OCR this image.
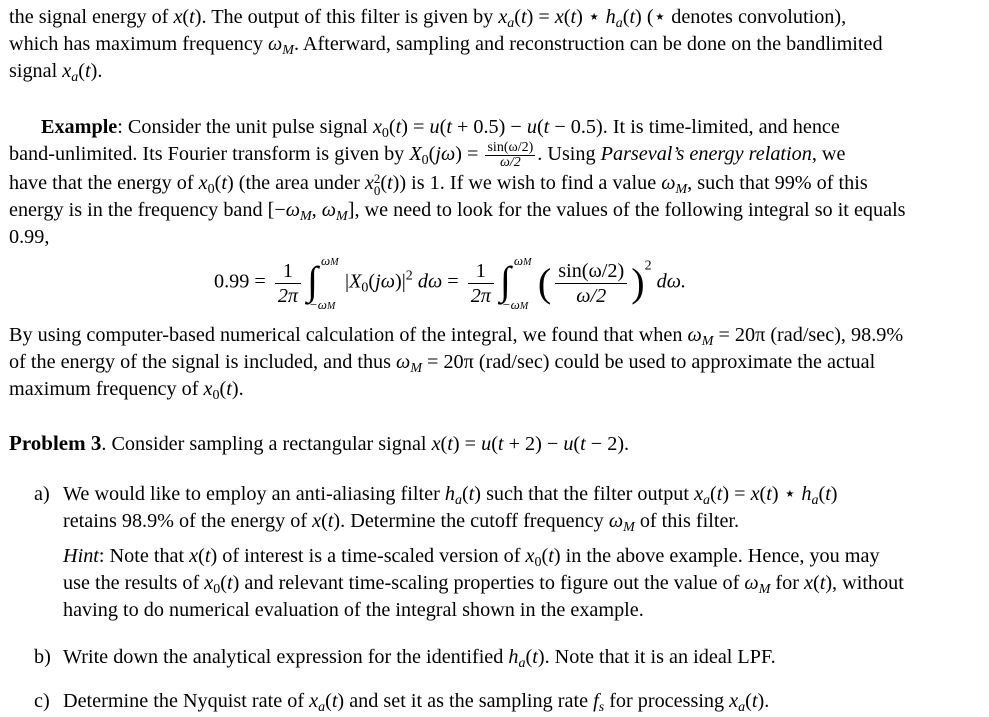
the signal energy of x(t). The output of this filter is given by $x_a(t) = x(t)$ ⋆ $h_a(t)$ (⋆ denotes convolution),
which has maximum frequency $\omega_M$. Afterward, sampling and reconstruction can be done on the bandlimited
signal $x_a(t)$.

Example: Consider the unit pulse signal $x_0(t) = u(t + 0.5) - u(t - 0.5)$. It is time-limited, and hence
band-unlimited. Its Fourier transform is given by $X_0(j\omega) = \frac{\sin(\omega/2)}{\omega/2}$ . Using Parseval’s energy relation, we
have that the energy of $x_0(t)$ (the area under x 2
0 (t)) is 1. If we wish to find a value $\omega_M$, such that 99% of this
energy is in the frequency band [$-\omega_M$, $\omega_M$], we need to look for the values of the following integral so it equals
0.99,

$0.99 = \frac{1}{2\pi}$ ∫ ωM
−ωM
$|X_0(j\omega)|^2$ $d\omega = \frac{1}{2\pi}$ ∫ ωM
−ωM
( $\frac{\sin(\omega/2)}{\omega/2} )^2$ dω.

By using computer-based numerical calculation of the integral, we found that when $\omega_M = 20\pi$ (rad/sec), 98.9%
of the energy of the signal is included, and thus $\omega_M = 20\pi$ (rad/sec) could be used to approximate the actual
maximum frequency of $x_0(t)$.

Problem 3. Consider sampling a rectangular signal x(t) = u(t + 2) − u(t − 2).

a) We would like to employ an anti-aliasing filter $h_a(t)$ such that the filter output $x_a(t) = x(t)$ ⋆ $h_a(t)$
retains 98.9% of the energy of x(t). Determine the cutoff frequency $\omega_M$ of this filter.
Hint: Note that x(t) of interest is a time-scaled version of $x_0(t)$ in the above example. Hence, you may
use the results of $x_0(t)$ and relevant time-scaling properties to figure out the value of $\omega_M$ for x(t), without
having to do numerical evaluation of the integral shown in the example.
b) Write down the analytical expression for the identified $h_a(t)$. Note that it is an ideal LPF.
c) Determine the Nyquist rate of $x_a(t)$ and set it as the sampling rate $f_s$ for processing $x_a(t)$.
